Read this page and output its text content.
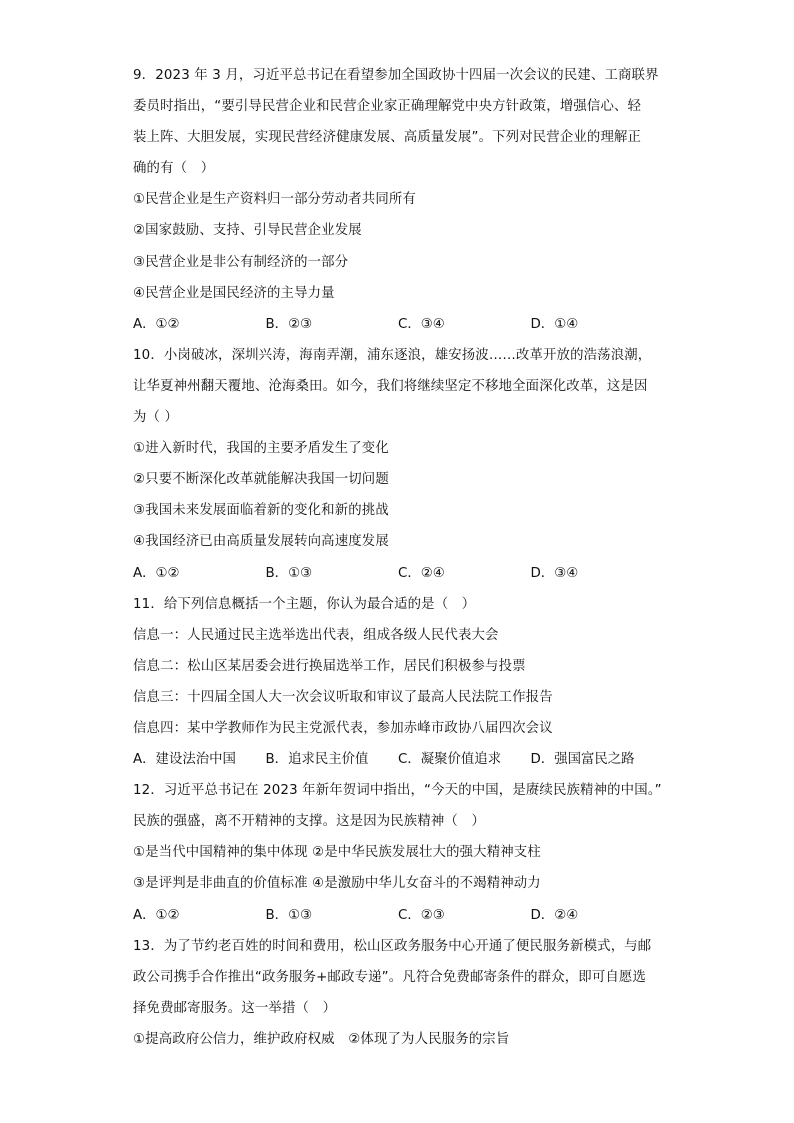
9．2023 年 3 月，习近平总书记在看望参加全国政协十四届一次会议的民建、工商联界
委员时指出，“要引导民营企业和民营企业家正确理解党中央方针政策，增强信心、轻
装上阵、大胆发展，实现民营经济健康发展、高质量发展”。下列对民营企业的理解正
确的有（　）
①民营企业是生产资料归一部分劳动者共同所有
②国家鼓励、支持、引导民营企业发展
③民营企业是非公有制经济的一部分
④民营企业是国民经济的主导力量
A．①②	B．②③	C．③④	D．①④
10．小岗破冰，深圳兴涛，海南弄潮，浦东逐浪，雄安扬波……改革开放的浩荡浪潮，
让华夏神州翻天覆地、沧海桑田。如今，我们将继续坚定不移地全面深化改革，这是因
为（ ）
①进入新时代，我国的主要矛盾发生了变化
②只要不断深化改革就能解决我国一切问题
③我国未来发展面临着新的变化和新的挑战
④我国经济已由高质量发展转向高速度发展
A．①②	B．①③	C．②④	D．③④
11．给下列信息概括一个主题，你认为最合适的是（　）
信息一：人民通过民主选举选出代表，组成各级人民代表大会
信息二：松山区某居委会进行换届选举工作，居民们积极参与投票
信息三：十四届全国人大一次会议听取和审议了最高人民法院工作报告
信息四：某中学教师作为民主党派代表，参加赤峰市政协八届四次会议
A．建设法治中国	B．追求民主价值	C．凝聚价值追求	D．强国富民之路
12．习近平总书记在 2023 年新年贺词中指出，“今天的中国，是赓续民族精神的中国。”
民族的强盛，离不开精神的支撑。这是因为民族精神（　）
①是当代中国精神的集中体现 ②是中华民族发展壮大的强大精神支柱
③是评判是非曲直的价值标准 ④是激励中华儿女奋斗的不竭精神动力
A．①②	B．①③	C．②③	D．②④
13．为了节约老百姓的时间和费用，松山区政务服务中心开通了便民服务新模式，与邮
政公司携手合作推出“政务服务+邮政专递”。凡符合免费邮寄条件的群众，即可自愿选
择免费邮寄服务。这一举措（　）
①提高政府公信力，维护政府权威　②体现了为人民服务的宗旨
